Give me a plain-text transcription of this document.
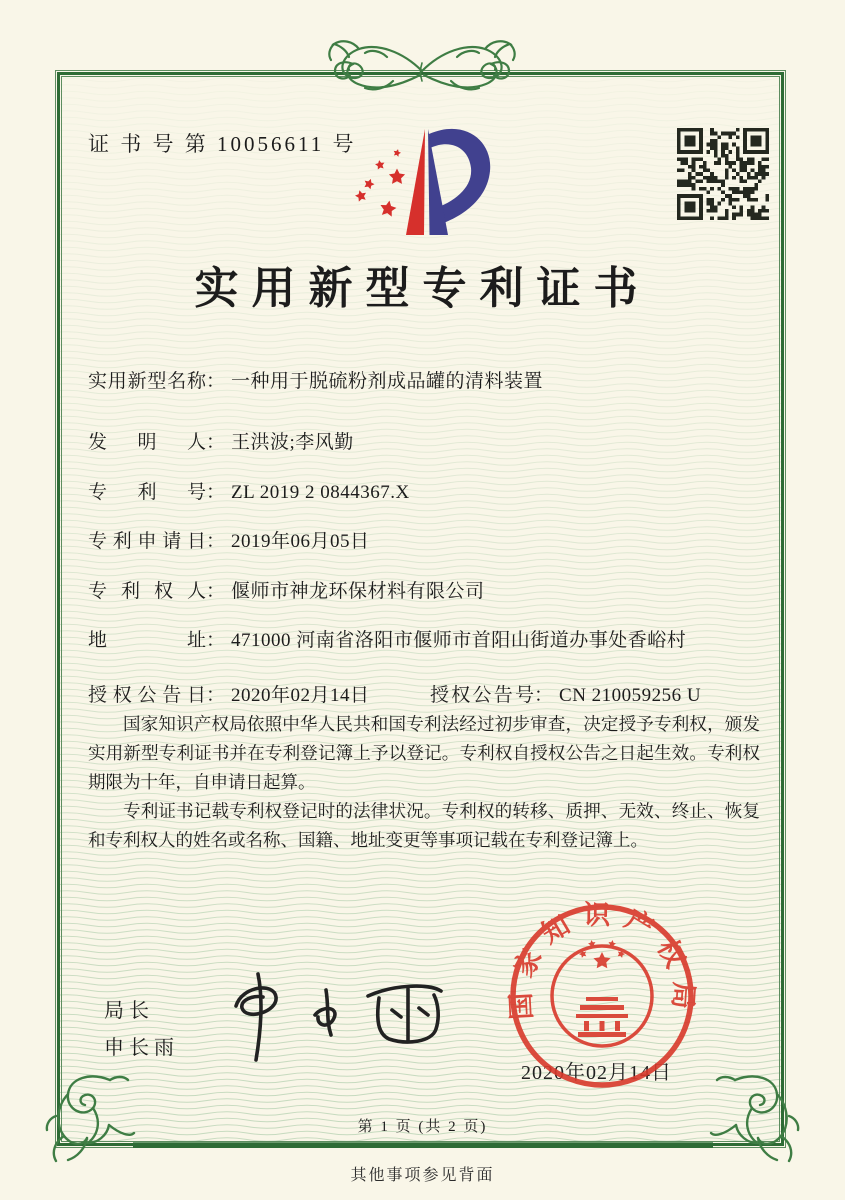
证 书 号 第 10056611 号
实用新型专利证书
实用新型名称： 一种用于脱硫粉剂成品罐的清料装置
发明人： 王洪波;李风勤
专利号： ZL 2019 2 0844367.X
专利申请日： 2019年06月05日
专利权人： 偃师市神龙环保材料有限公司
地址： 471000 河南省洛阳市偃师市首阳山街道办事处香峪村
授权公告日： 2020年02月14日	授权公告号： CN 210059256 U

国家知识产权局依照中华人民共和国专利法经过初步审查，决定授予专利权，颁发实用新型专利证书并在专利登记簿上予以登记。专利权自授权公告之日起生效。专利权期限为十年，自申请日起算。

专利证书记载专利权登记时的法律状况。专利权的转移、质押、无效、终止、恢复和专利权人的姓名或名称、国籍、地址变更等事项记载在专利登记簿上。

局长
申长雨
2020年02月14日
国家知识产权局
第 1 页 (共 2 页)
其他事项参见背面
